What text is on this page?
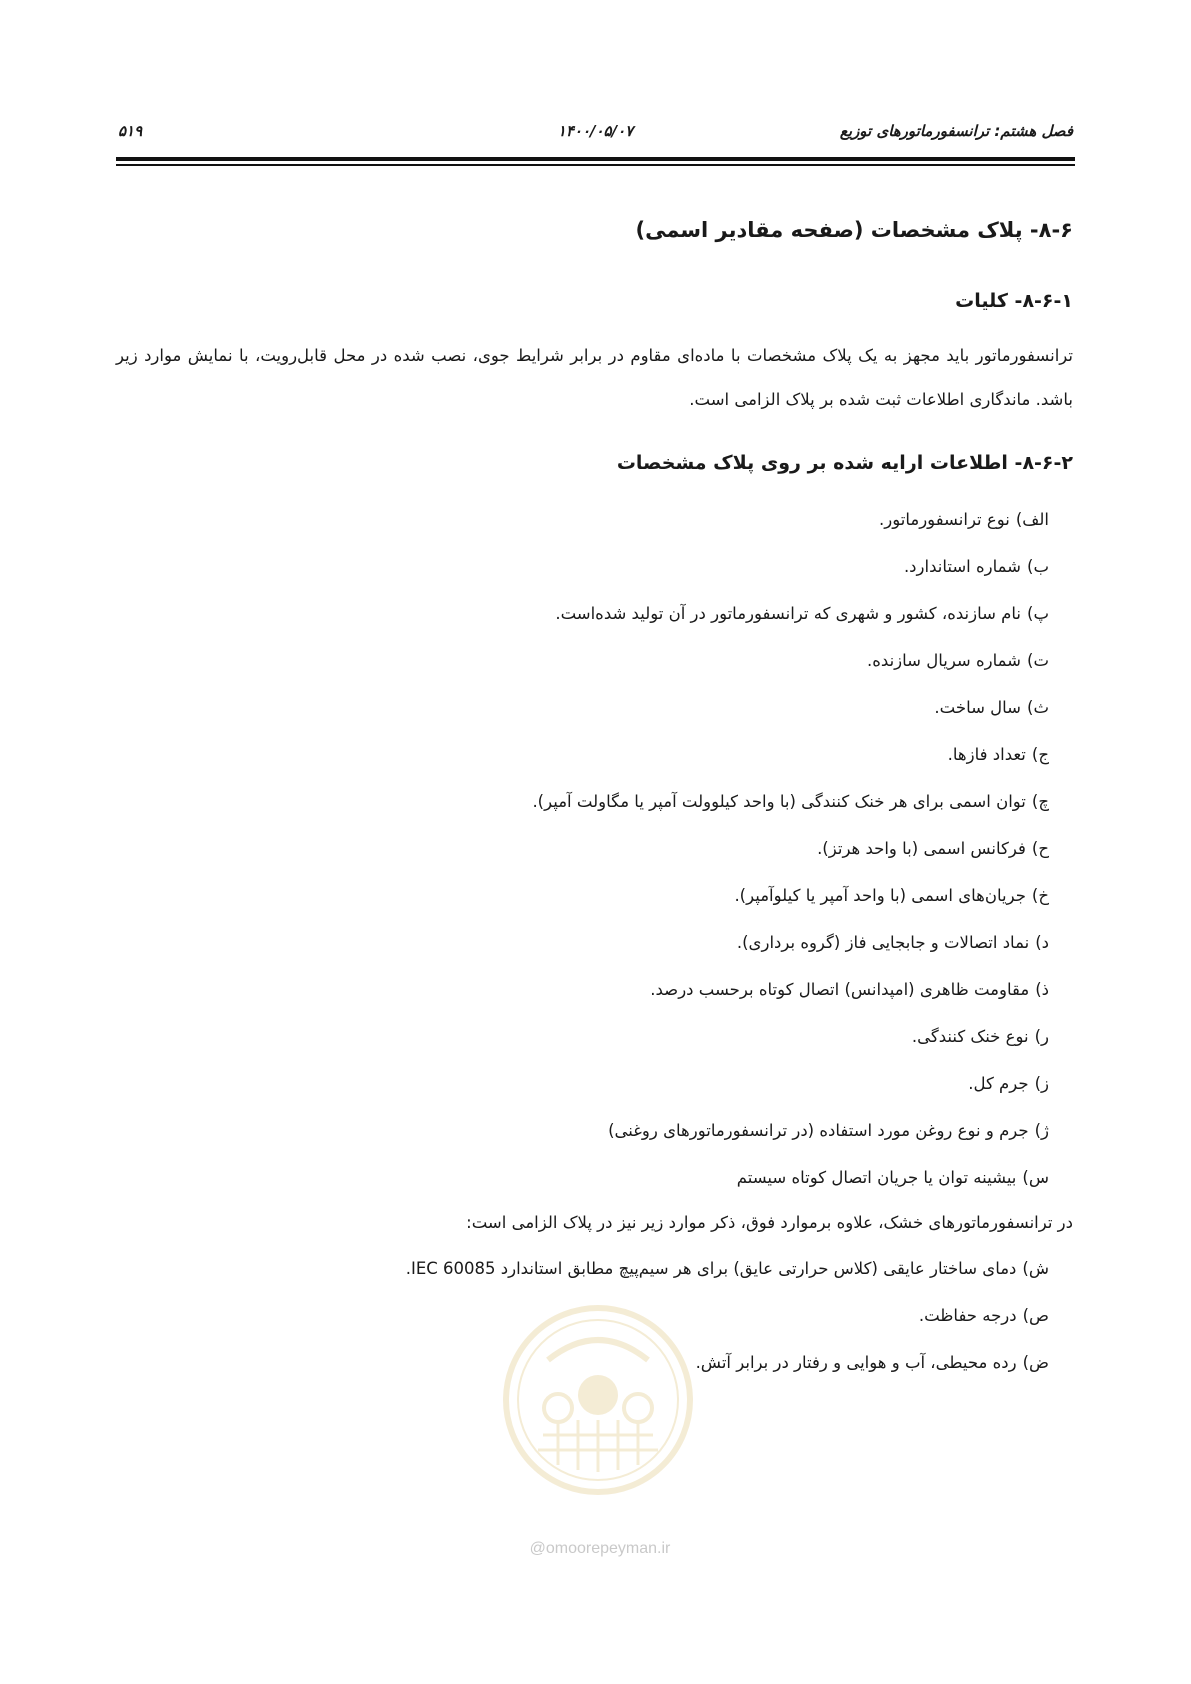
فصل هشتم: ترانسفورماتورهای توزیع
۱۴۰۰/۰۵/۰۷
۵۱۹
۸-۶- پلاک مشخصات (صفحه مقادیر اسمی)
۸-۶-۱- کلیات

ترانسفورماتور باید مجهز به یک پلاک مشخصات با ماده‌ای مقاوم در برابر شرایط جوی، نصب شده در محل قابل‌رویت، با نمایش موارد زیر باشد. ماندگاری اطلاعات ثبت شده بر پلاک الزامی است.

۸-۶-۲- اطلاعات ارایه شده بر روی پلاک مشخصات
الف)نوع ترانسفورماتور.
ب)شماره استاندارد.
پ)نام سازنده، کشور و شهری که ترانسفورماتور در آن تولید شده‌است.
ت)شماره سریال سازنده.
ث)سال ساخت.
ج)تعداد فازها.
چ)توان اسمی برای هر خنک کنندگی (با واحد کیلوولت آمپر یا مگاولت آمپر).
ح)فرکانس اسمی (با واحد هرتز).
خ)جریان‌های اسمی (با واحد آمپر یا کیلوآمپر).
د)نماد اتصالات و جابجایی فاز (گروه برداری).
ذ)مقاومت ظاهری (امپدانس) اتصال کوتاه برحسب درصد.
ر)نوع خنک کنندگی.
ز)جرم کل.
ژ)جرم و نوع روغن مورد استفاده (در ترانسفورماتورهای روغنی)
س)بیشینه توان یا جریان اتصال کوتاه سیستم

در ترانسفورماتورهای خشک، علاوه برموارد فوق، ذکر موارد زیر نیز در پلاک الزامی است:

ش)دمای ساختار عایقی (کلاس حرارتی عایق) برای هر سیم‌پیچ مطابق استاندارد IEC 60085.
ص)درجه حفاظت.
ض)رده محیطی، آب و هوایی و رفتار در برابر آتش.
@omoorepeyman.ir
